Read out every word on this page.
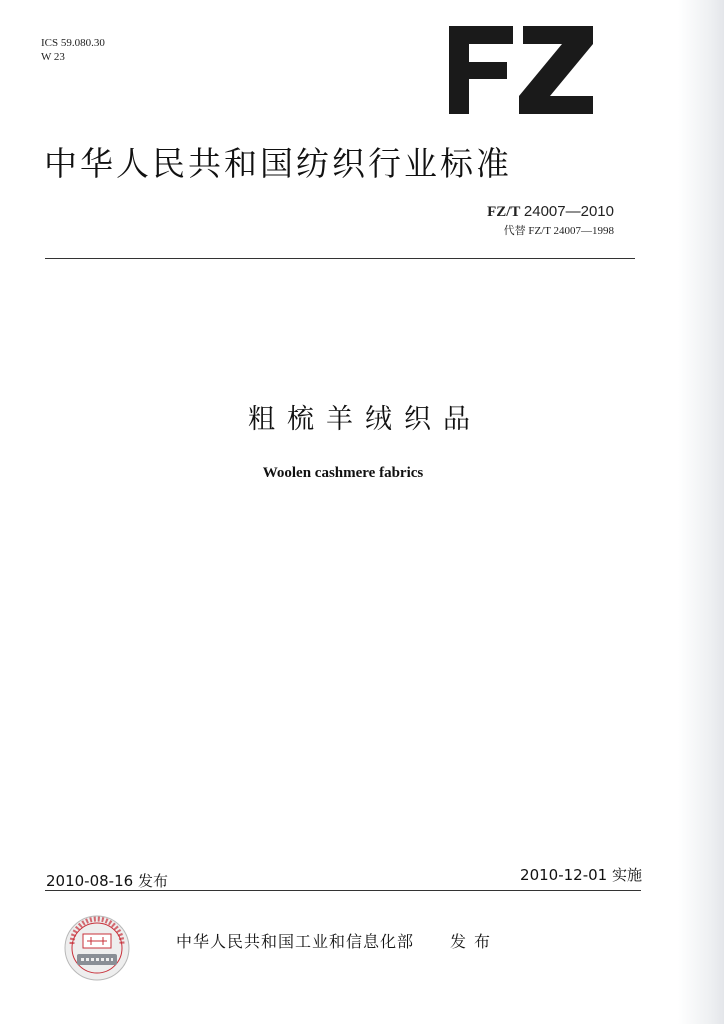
ICS 59.080.30
W 23
中华人民共和国纺织行业标准
FZ/T 24007—2010
代替 FZ/T 24007—1998
粗梳羊绒织品
Woolen cashmere fabrics
2010-08-16 发布	2010-12-01 实施
中华人民共和国工业和信息化部 发布
